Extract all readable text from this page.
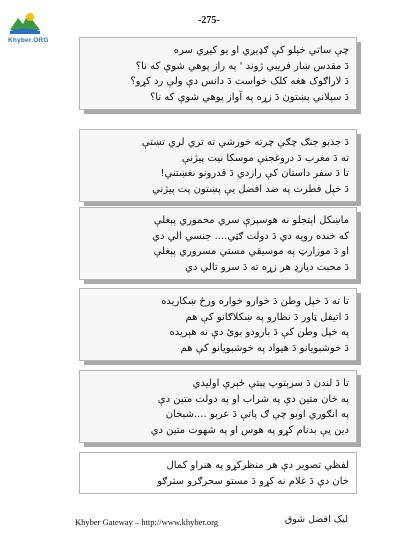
Khyber.ORG
-275-
چې ساتي خپلو کې ګډيږي او يو کيږي سره
دَ مقدس ښار فريبي ژوند ' په راز پوهي شوې که نا؟
دَ لاراګوک هغه کلک خواست دَ دانس دې ولې رد کړو؟
دَ سپلاني پښتون دَ زړه په آواز پوهي شوې که نا؟
دَ جذبو جنګ چګې چرته خورشي ته تري لري تښتې
ته دَ مغرب دَ دروغجنې موسکا نيت پيژنې
تا دَ سفر داستان کې رازدي دَ قدرونو نغښتني!
دَ خپل فطرت په ضد افضل يې پښتون پت پيژني
ماښکل اېتجلو نه هوسپرې سري محموري پېغلې
که خنده رويه دي دَ دولت ګټي.... جنسي الي دي
او دَ موزارټ په موسيقي مستي مسروري پېغلې
دَ محبت ديارډ هر زړه ته دَ سرو تالي دي
تا ته دَ خپل وطن دَ خوارو خواره ورځ ښکاريده
دَ اتيفل ټاور دَ نظارو په ښکلاګانو کې هم
په خپل وطن کې دَ بارودو بوئ دې نه هېريده
دَ خوشبويانو دَ هيواد په خوشبويانو کې هم
تا دَ لندن دَ سرېتوپ پېتې ځېرې اوليدي
په خان متين دې په شراب او په دولت متين دې
په انګوري اوبو چې ګ پاتې دَ عربو ....شبخان
دين يې بدنام کړو په هوس او په شهوت متين دي
لفظي تصوير دې هر منظرکړو په هنراو کمال
خان دې دَ غلام نه کړو دَ مستو سحرګرو سترګو
Khyber Gateway – http://www.khyber.org	ليک افضل شوق
